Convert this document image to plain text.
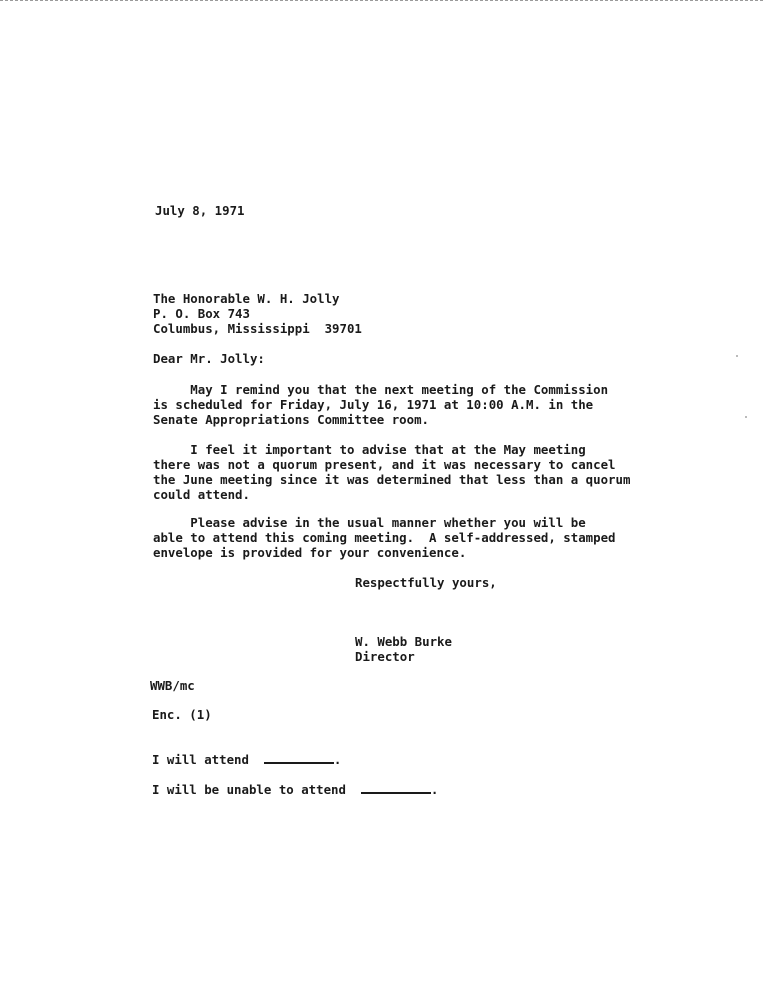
July 8, 1971
The Honorable W. H. Jolly
P. O. Box 743
Columbus, Mississippi  39701
Dear Mr. Jolly:
May I remind you that the next meeting of the Commission
is scheduled for Friday, July 16, 1971 at 10:00 A.M. in the
Senate Appropriations Committee room.
I feel it important to advise that at the May meeting
there was not a quorum present, and it was necessary to cancel
the June meeting since it was determined that less than a quorum
could attend.
Please advise in the usual manner whether you will be
able to attend this coming meeting.  A self-addressed, stamped
envelope is provided for your convenience.
Respectfully yours,
W. Webb Burke
Director
WWB/mc
Enc. (1)
I will attend	.
I will be unable to attend	.
